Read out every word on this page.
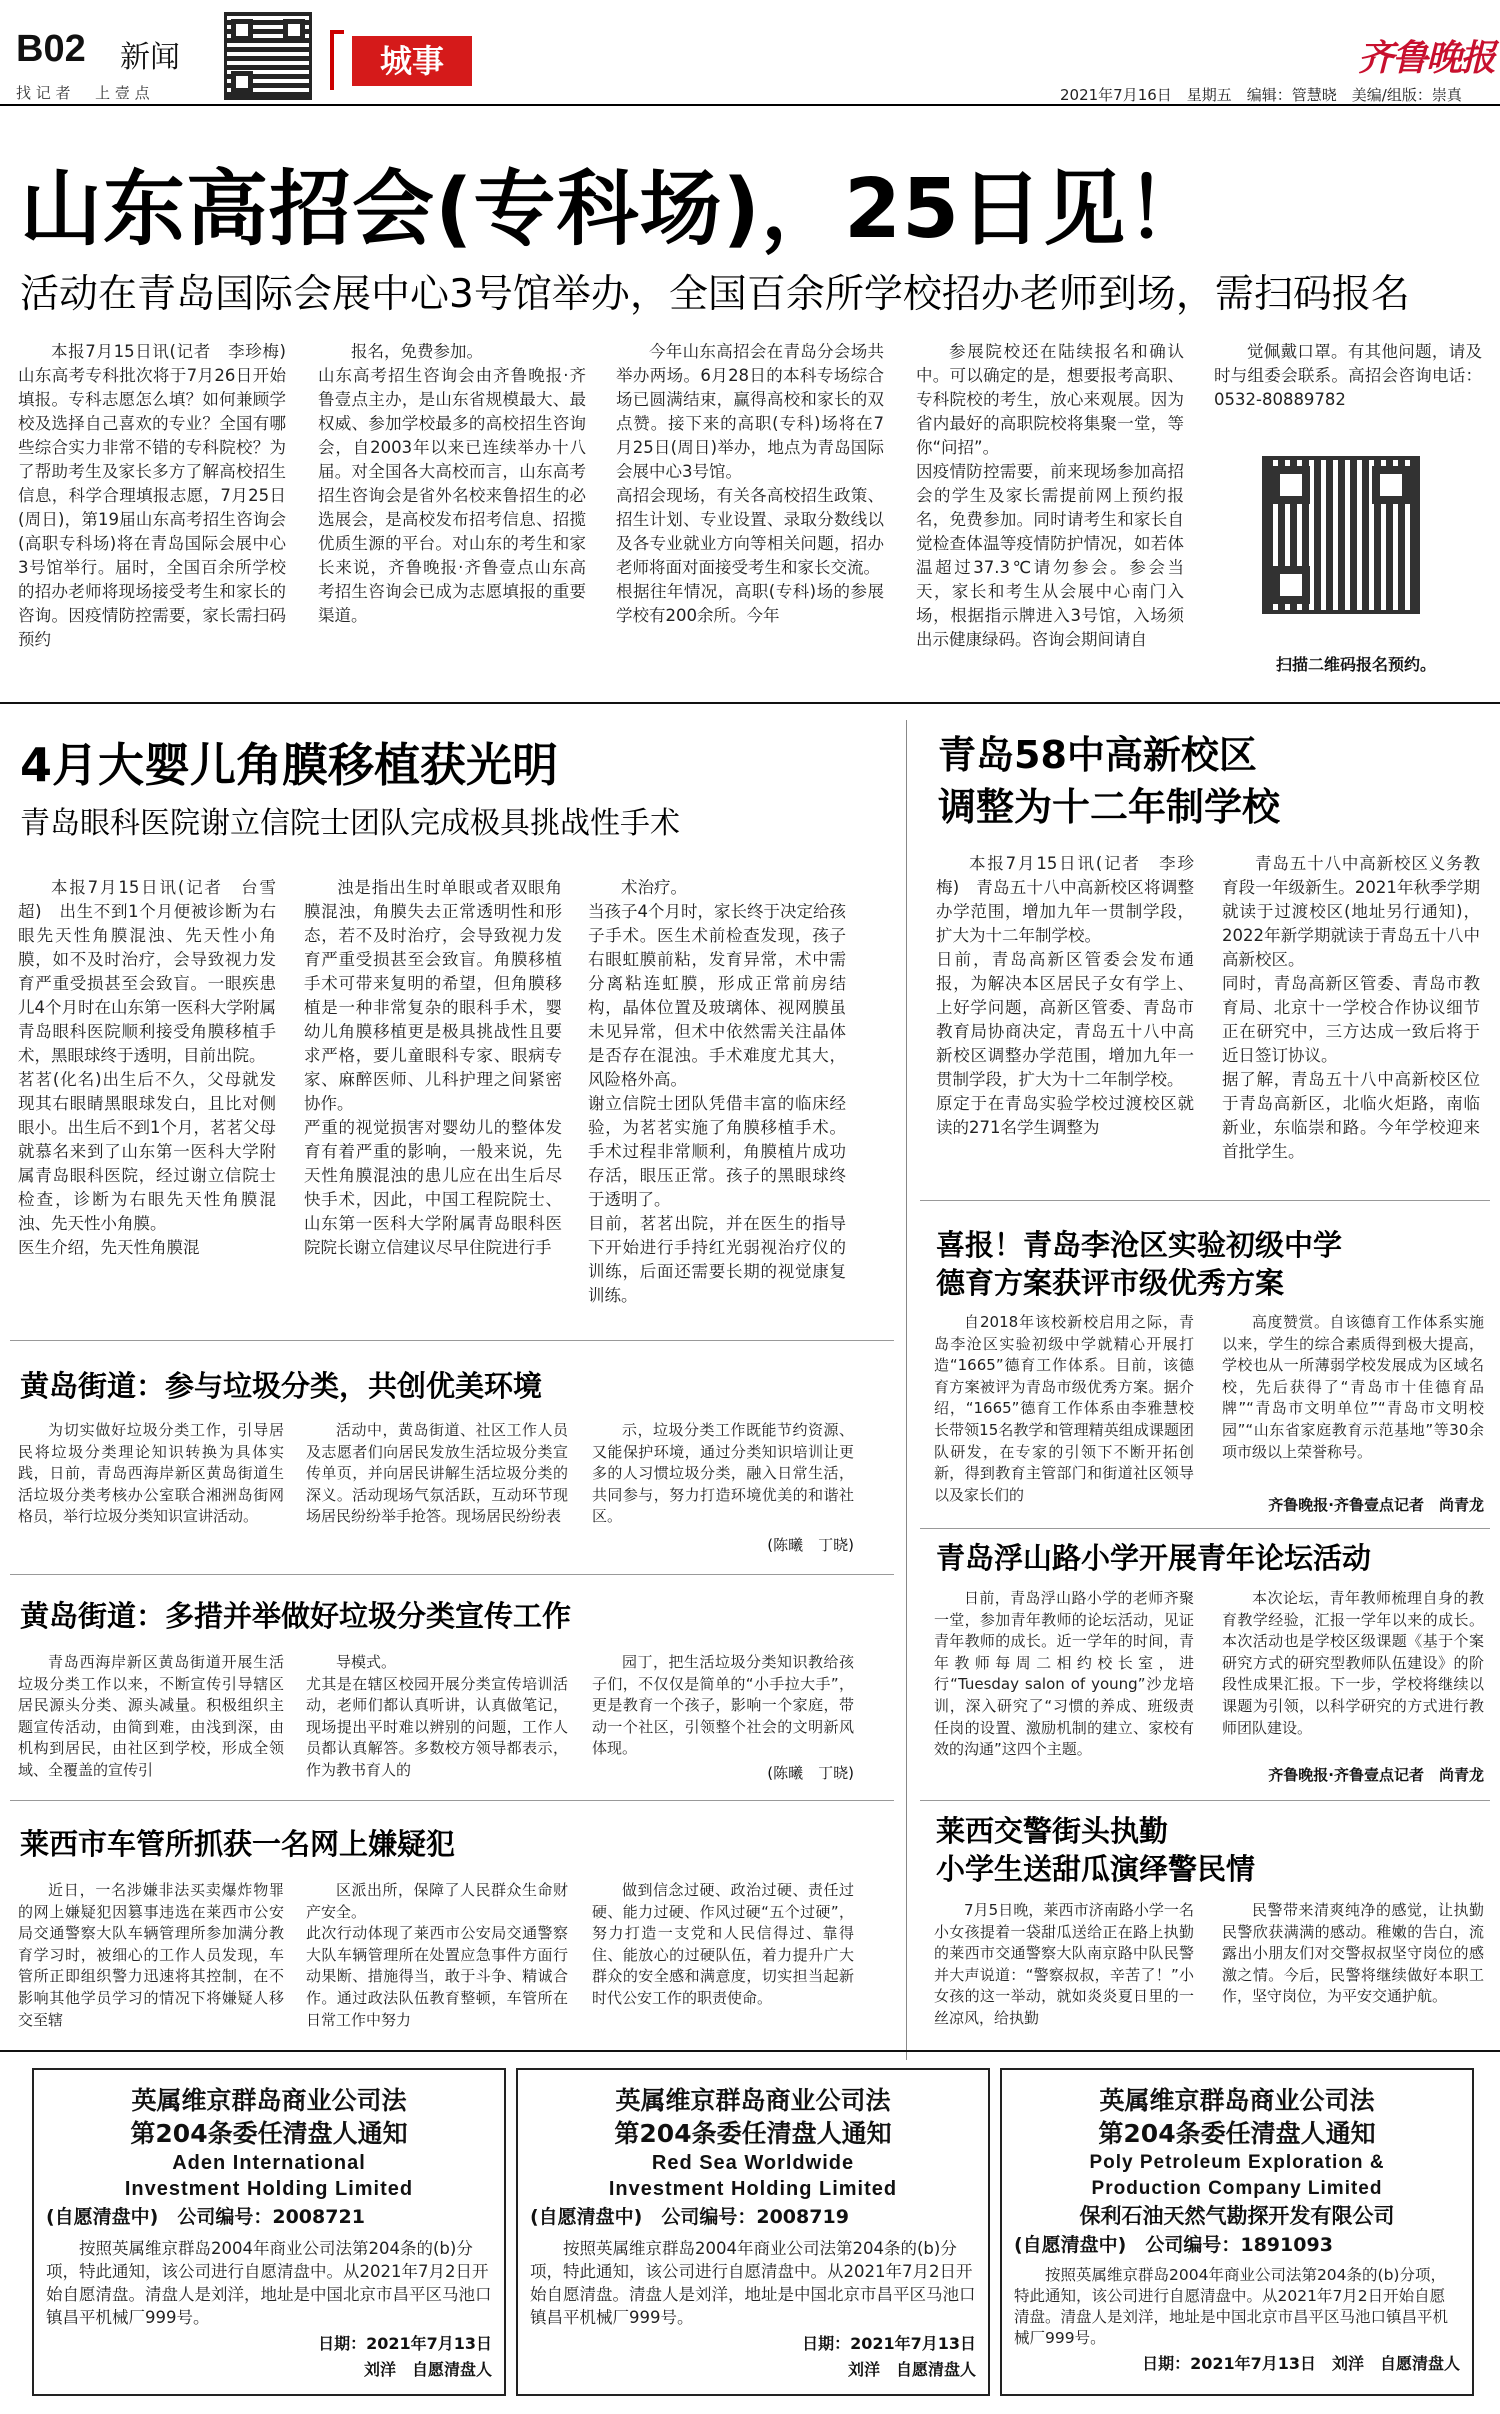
B02 新闻
找 记 者 　 上 壹 点
城事	齐鲁晚报
2021年7月16日　星期五　编辑：管慧晓　美编/组版：崇真
山东高招会(专科场)，25日见！
活动在青岛国际会展中心3号馆举办，全国百余所学校招办老师到场，需扫码报名

本报7月15日讯(记者　李珍梅)　山东高考专科批次将于7月26日开始填报。专科志愿怎么填？如何兼顾学校及选择自己喜欢的专业？全国有哪些综合实力非常不错的专科院校？为了帮助考生及家长多方了解高校招生信息，科学合理填报志愿，7月25日(周日)，第19届山东高考招生咨询会(高职专科场)将在青岛国际会展中心3号馆举行。届时，全国百余所学校的招办老师将现场接受考生和家长的咨询。因疫情防控需要，家长需扫码预约

报名，免费参加。
山东高考招生咨询会由齐鲁晚报·齐鲁壹点主办，是山东省规模最大、最权威、参加学校最多的高校招生咨询会，自2003年以来已连续举办十八届。对全国各大高校而言，山东高考招生咨询会是省外名校来鲁招生的必选展会，是高校发布招考信息、招揽优质生源的平台。对山东的考生和家长来说，齐鲁晚报·齐鲁壹点山东高考招生咨询会已成为志愿填报的重要渠道。

今年山东高招会在青岛分会场共举办两场。6月28日的本科专场综合场已圆满结束，赢得高校和家长的双点赞。接下来的高职(专科)场将在7月25日(周日)举办，地点为青岛国际会展中心3号馆。
高招会现场，有关各高校招生政策、招生计划、专业设置、录取分数线以及各专业就业方向等相关问题，招办老师将面对面接受考生和家长交流。
根据往年情况，高职(专科)场的参展学校有200余所。今年

参展院校还在陆续报名和确认中。可以确定的是，想要报考高职、专科院校的考生，放心来观展。因为省内最好的高职院校将集聚一堂，等你“问招”。
因疫情防控需要，前来现场参加高招会的学生及家长需提前网上预约报名，免费参加。同时请考生和家长自觉检查体温等疫情防护情况，如若体温超过37.3℃请勿参会。参会当天，家长和考生从会展中心南门入场，根据指示牌进入3号馆，入场须出示健康绿码。咨询会期间请自

觉佩戴口罩。有其他问题，请及时与组委会联系。高招会咨询电话：0532-80889782

扫描二维码报名预约。
4月大婴儿角膜移植获光明
青岛眼科医院谢立信院士团队完成极具挑战性手术

本报7月15日讯(记者　台雪超)　出生不到1个月便被诊断为右眼先天性角膜混浊、先天性小角膜，如不及时治疗，会导致视力发育严重受损甚至会致盲。一眼疾患儿4个月时在山东第一医科大学附属青岛眼科医院顺利接受角膜移植手术，黑眼球终于透明，目前出院。
茗茗(化名)出生后不久，父母就发现其右眼睛黑眼球发白，且比对侧眼小。出生后不到1个月，茗茗父母就慕名来到了山东第一医科大学附属青岛眼科医院，经过谢立信院士检查，诊断为右眼先天性角膜混浊、先天性小角膜。
医生介绍，先天性角膜混

浊是指出生时单眼或者双眼角膜混浊，角膜失去正常透明性和形态，若不及时治疗，会导致视力发育严重受损甚至会致盲。角膜移植手术可带来复明的希望，但角膜移植是一种非常复杂的眼科手术，婴幼儿角膜移植更是极具挑战性且要求严格，要儿童眼科专家、眼病专家、麻醉医师、儿科护理之间紧密协作。
严重的视觉损害对婴幼儿的整体发育有着严重的影响，一般来说，先天性角膜混浊的患儿应在出生后尽快手术，因此，中国工程院院士、山东第一医科大学附属青岛眼科医院院长谢立信建议尽早住院进行手

术治疗。
当孩子4个月时，家长终于决定给孩子手术。医生术前检查发现，孩子右眼虹膜前粘，发育异常，术中需分离粘连虹膜，形成正常前房结构，晶体位置及玻璃体、视网膜虽未见异常，但术中依然需关注晶体是否存在混浊。手术难度尤其大，风险格外高。
谢立信院士团队凭借丰富的临床经验，为茗茗实施了角膜移植手术。手术过程非常顺利，角膜植片成功存活，眼压正常。孩子的黑眼球终于透明了。
目前，茗茗出院，并在医生的指导下开始进行手持红光弱视治疗仪的训练，后面还需要长期的视觉康复训练。

青岛58中高新校区
调整为十二年制学校

本报7月15日讯(记者　李珍梅)　青岛五十八中高新校区将调整办学范围，增加九年一贯制学段，扩大为十二年制学校。
日前，青岛高新区管委会发布通报，为解决本区居民子女有学上、上好学问题，高新区管委、青岛市教育局协商决定，青岛五十八中高新校区调整办学范围，增加九年一贯制学段，扩大为十二年制学校。
原定于在青岛实验学校过渡校区就读的271名学生调整为

青岛五十八中高新校区义务教育段一年级新生。2021年秋季学期就读于过渡校区(地址另行通知)，2022年新学期就读于青岛五十八中高新校区。
同时，青岛高新区管委、青岛市教育局、北京十一学校合作协议细节正在研究中，三方达成一致后将于近日签订协议。
据了解，青岛五十八中高新校区位于青岛高新区，北临火炬路，南临新业，东临崇和路。今年学校迎来首批学生。

喜报！青岛李沧区实验初级中学
德育方案获评市级优秀方案

自2018年该校新校启用之际，青岛李沧区实验初级中学就精心开展打造“1665”德育工作体系。目前，该德育方案被评为青岛市级优秀方案。据介绍，“1665”德育工作体系由李雅慧校长带领15名教学和管理精英组成课题团队研发，在专家的引领下不断开拓创新，得到教育主管部门和街道社区领导以及家长们的

高度赞赏。自该德育工作体系实施以来，学生的综合素质得到极大提高，学校也从一所薄弱学校发展成为区域名校，先后获得了“青岛市十佳德育品牌”“青岛市文明单位”“青岛市文明校园”“山东省家庭教育示范基地”等30余项市级以上荣誉称号。

齐鲁晚报·齐鲁壹点记者　尚青龙
青岛浮山路小学开展青年论坛活动

日前，青岛浮山路小学的老师齐聚一堂，参加青年教师的论坛活动，见证青年教师的成长。近一学年的时间，青年教师每周二相约校长室，进行“Tuesday salon of young”沙龙培训，深入研究了“习惯的养成、班级责任岗的设置、激励机制的建立、家校有效的沟通”这四个主题。

本次论坛，青年教师梳理自身的教育教学经验，汇报一学年以来的成长。本次活动也是学校区级课题《基于个案研究方式的研究型教师队伍建设》的阶段性成果汇报。下一步，学校将继续以课题为引领，以科学研究的方式进行教师团队建设。

齐鲁晚报·齐鲁壹点记者　尚青龙
莱西交警街头执勤
小学生送甜瓜演绎警民情

7月5日晚，莱西市济南路小学一名小女孩提着一袋甜瓜送给正在路上执勤的莱西市交通警察大队南京路中队民警并大声说道：“警察叔叔，辛苦了！”小女孩的这一举动，就如炎炎夏日里的一丝凉风，给执勤

民警带来清爽纯净的感觉，让执勤民警欣获满满的感动。稚嫩的告白，流露出小朋友们对交警叔叔坚守岗位的感激之情。今后，民警将继续做好本职工作，坚守岗位，为平安交通护航。

黄岛街道：参与垃圾分类，共创优美环境

为切实做好垃圾分类工作，引导居民将垃圾分类理论知识转换为具体实践，日前，青岛西海岸新区黄岛街道生活垃圾分类考核办公室联合湘洲岛街网格员，举行垃圾分类知识宣讲活动。

活动中，黄岛街道、社区工作人员及志愿者们向居民发放生活垃圾分类宣传单页，并向居民讲解生活垃圾分类的深义。活动现场气氛活跃，互动环节现场居民纷纷举手抢答。现场居民纷纷表

示，垃圾分类工作既能节约资源、又能保护环境，通过分类知识培训让更多的人习惯垃圾分类，融入日常生活，共同参与，努力打造环境优美的和谐社区。

(陈曦　丁晓)
黄岛街道：多措并举做好垃圾分类宣传工作

青岛西海岸新区黄岛街道开展生活垃圾分类工作以来，不断宣传引导辖区居民源头分类、源头减量。积极组织主题宣传活动，由简到难，由浅到深，由机构到居民，由社区到学校，形成全领域、全覆盖的宣传引

导模式。
尤其是在辖区校园开展分类宣传培训活动，老师们都认真听讲，认真做笔记，现场提出平时难以辨别的问题，工作人员都认真解答。多数校方领导都表示，作为教书育人的

园丁，把生活垃圾分类知识教给孩子们，不仅仅是简单的“小手拉大手”，更是教育一个孩子，影响一个家庭，带动一个社区，引领整个社会的文明新风体现。

(陈曦　丁晓)
莱西市车管所抓获一名网上嫌疑犯

近日，一名涉嫌非法买卖爆炸物罪的网上嫌疑犯因篡事违选在莱西市公安局交通警察大队车辆管理所参加满分教育学习时，被细心的工作人员发现，车管所正即组织警力迅速将其控制，在不影响其他学员学习的情况下将嫌疑人移交至辖

区派出所，保障了人民群众生命财产安全。
此次行动体现了莱西市公安局交通警察大队车辆管理所在处置应急事件方面行动果断、措施得当，敢于斗争、精诚合作。通过政法队伍教育整顿，车管所在日常工作中努力

做到信念过硬、政治过硬、责任过硬、能力过硬、作风过硬“五个过硬”，努力打造一支党和人民信得过、靠得住、能放心的过硬队伍，着力提升广大群众的安全感和满意度，切实担当起新时代公安工作的职责使命。

英属维京群岛商业公司法
第204条委任清盘人通知
Aden International
Investment Holding Limited
(自愿清盘中)　公司编号：2008721
按照英属维京群岛2004年商业公司法第204条的(b)分项，特此通知，该公司进行自愿清盘中。从2021年7月2日开始自愿清盘。清盘人是刘洋，地址是中国北京市昌平区马池口镇昌平机械厂999号。
日期：2021年7月13日
刘洋　自愿清盘人
英属维京群岛商业公司法
第204条委任清盘人通知
Red Sea Worldwide
Investment Holding Limited
(自愿清盘中)　公司编号：2008719
按照英属维京群岛2004年商业公司法第204条的(b)分项，特此通知，该公司进行自愿清盘中。从2021年7月2日开始自愿清盘。清盘人是刘洋，地址是中国北京市昌平区马池口镇昌平机械厂999号。
日期：2021年7月13日
刘洋　自愿清盘人
英属维京群岛商业公司法
第204条委任清盘人通知
Poly Petroleum Exploration &
Production Company Limited
保利石油天然气勘探开发有限公司
(自愿清盘中)　公司编号：1891093
按照英属维京群岛2004年商业公司法第204条的(b)分项，特此通知，该公司进行自愿清盘中。从2021年7月2日开始自愿清盘。清盘人是刘洋，地址是中国北京市昌平区马池口镇昌平机械厂999号。
日期：2021年7月13日　刘洋　自愿清盘人
